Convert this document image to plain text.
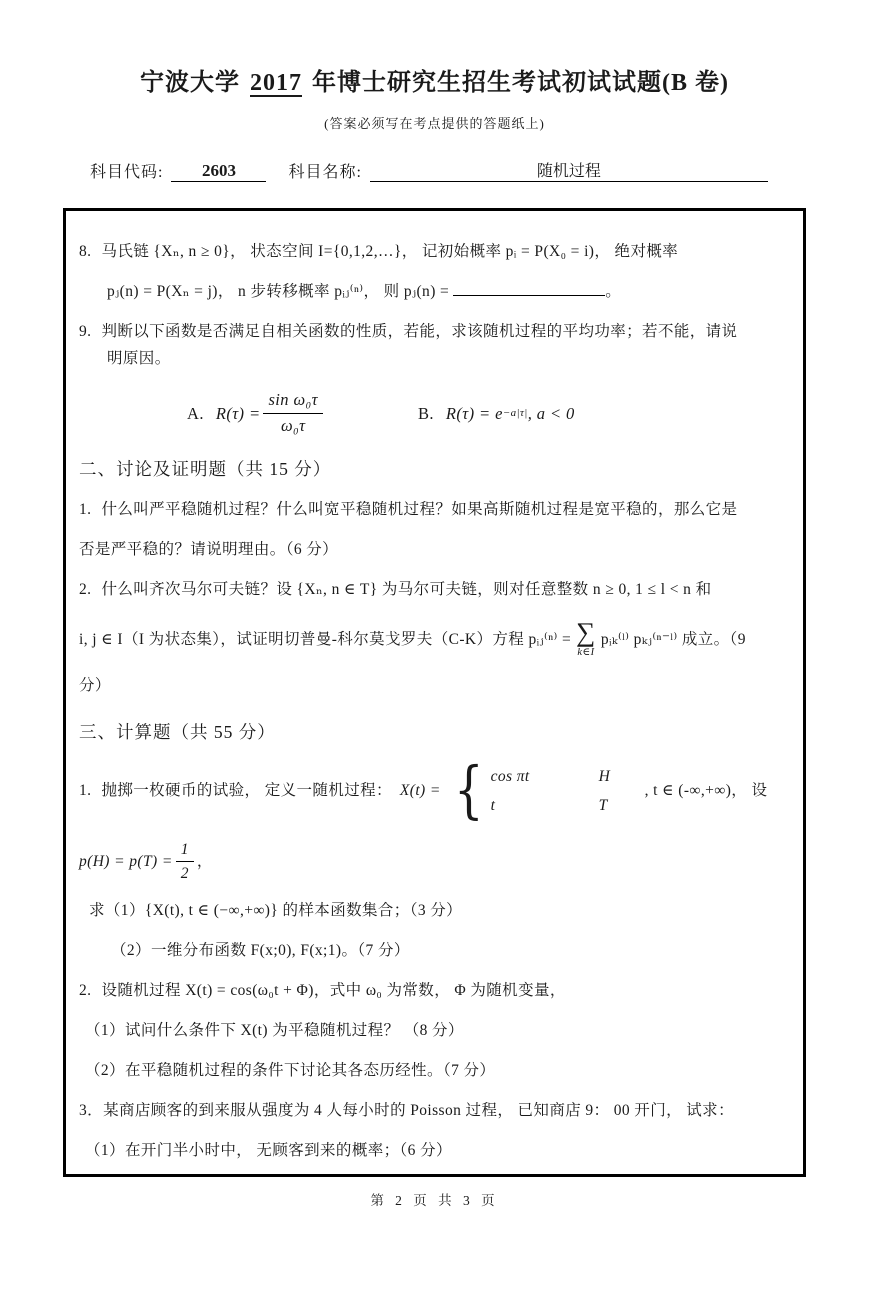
宁波大学 2017 年博士研究生招生考试初试试题(B 卷)
(答案必须写在考点提供的答题纸上)
科目代码:	2603	科目名称:	随机过程
8. 马氏链 {Xₙ, n ≥ 0}， 状态空间 I={0,1,2,…}， 记初始概率 pᵢ = P(X₀ = i)， 绝对概率
pⱼ(n) = P(Xₙ = j)， n 步转移概率 pᵢⱼ⁽ⁿ⁾， 则 pⱼ(n) =	。
9. 判断以下函数是否满足自相关函数的性质，若能，求该随机过程的平均功率；若不能，请说
明原因。
A. $R(\tau) = \frac{\text{sin ω₀τ}}{\text{ω₀τ}}$	B. R(τ) = e −a|τ| , a < 0
二、讨论及证明题（共 15 分）
1. 什么叫严平稳随机过程？什么叫宽平稳随机过程？如果高斯随机过程是宽平稳的，那么它是
否是严平稳的？请说明理由。（6 分）
2. 什么叫齐次马尔可夫链？设 {Xₙ, n ∈ T} 为马尔可夫链，则对任意整数 n ≥ 0, 1 ≤ l < n 和
i, j ∈ I（I 为状态集），试证明切普曼-科尔莫戈罗夫（C-K）方程 pᵢⱼ⁽ⁿ⁾ = ∑
k∈I
pᵢₖ⁽ˡ⁾ pₖⱼ⁽ⁿ⁻ˡ⁾ 成立。（9
分）
三、计算题（共 55 分）
1. 抛掷一枚硬币的试验， 定义一随机过程： X(t) = { cos πt	H
t	T
, t ∈ (-∞,+∞)， 设
$p(H) = p(T) = \frac{1}{2}$ ，
求（1）{X(t), t ∈ (−∞,+∞)} 的样本函数集合；（3 分）
（2）一维分布函数 F(x;0), F(x;1)。（7 分）
2. 设随机过程 X(t) = cos(ω₀t + Φ)，式中 ω₀ 为常数， Φ 为随机变量，
（1）试问什么条件下 X(t) 为平稳随机过程？ （8 分）
（2）在平稳随机过程的条件下讨论其各态历经性。（7 分）
3．某商店顾客的到来服从强度为 4 人每小时的 Poisson 过程， 已知商店 9： 00 开门， 试求：
（1）在开门半小时中， 无顾客到来的概率；（6 分）
第 2 页 共 3 页
